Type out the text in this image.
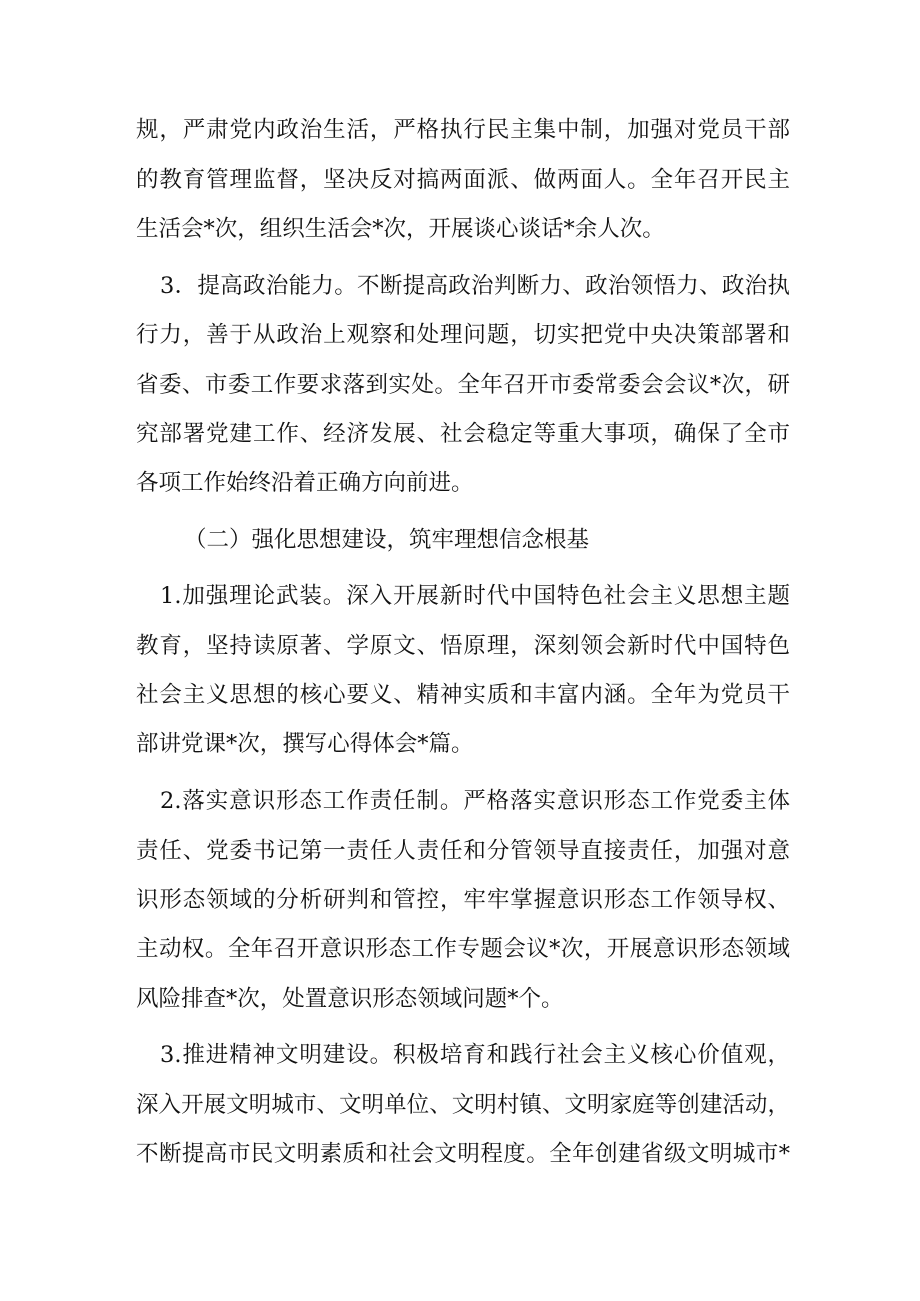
规，严肃党内政治生活，严格执行民主集中制，加强对党员干部
的教育管理监督，坚决反对搞两面派、做两面人。全年召开民主
生活会*次，组织生活会*次，开展谈心谈话*余人次。
3．提高政治能力。不断提高政治判断力、政治领悟力、政治执
行力，善于从政治上观察和处理问题，切实把党中央决策部署和
省委、市委工作要求落到实处。全年召开市委常委会会议*次，研
究部署党建工作、经济发展、社会稳定等重大事项，确保了全市
各项工作始终沿着正确方向前进。
（二）强化思想建设，筑牢理想信念根基
1.加强理论武装。深入开展新时代中国特色社会主义思想主题
教育，坚持读原著、学原文、悟原理，深刻领会新时代中国特色
社会主义思想的核心要义、精神实质和丰富内涵。全年为党员干
部讲党课*次，撰写心得体会*篇。
2.落实意识形态工作责任制。严格落实意识形态工作党委主体
责任、党委书记第一责任人责任和分管领导直接责任，加强对意
识形态领域的分析研判和管控，牢牢掌握意识形态工作领导权、
主动权。全年召开意识形态工作专题会议*次，开展意识形态领域
风险排查*次，处置意识形态领域问题*个。
3.推进精神文明建设。积极培育和践行社会主义核心价值观，
深入开展文明城市、文明单位、文明村镇、文明家庭等创建活动，
不断提高市民文明素质和社会文明程度。全年创建省级文明城市*
